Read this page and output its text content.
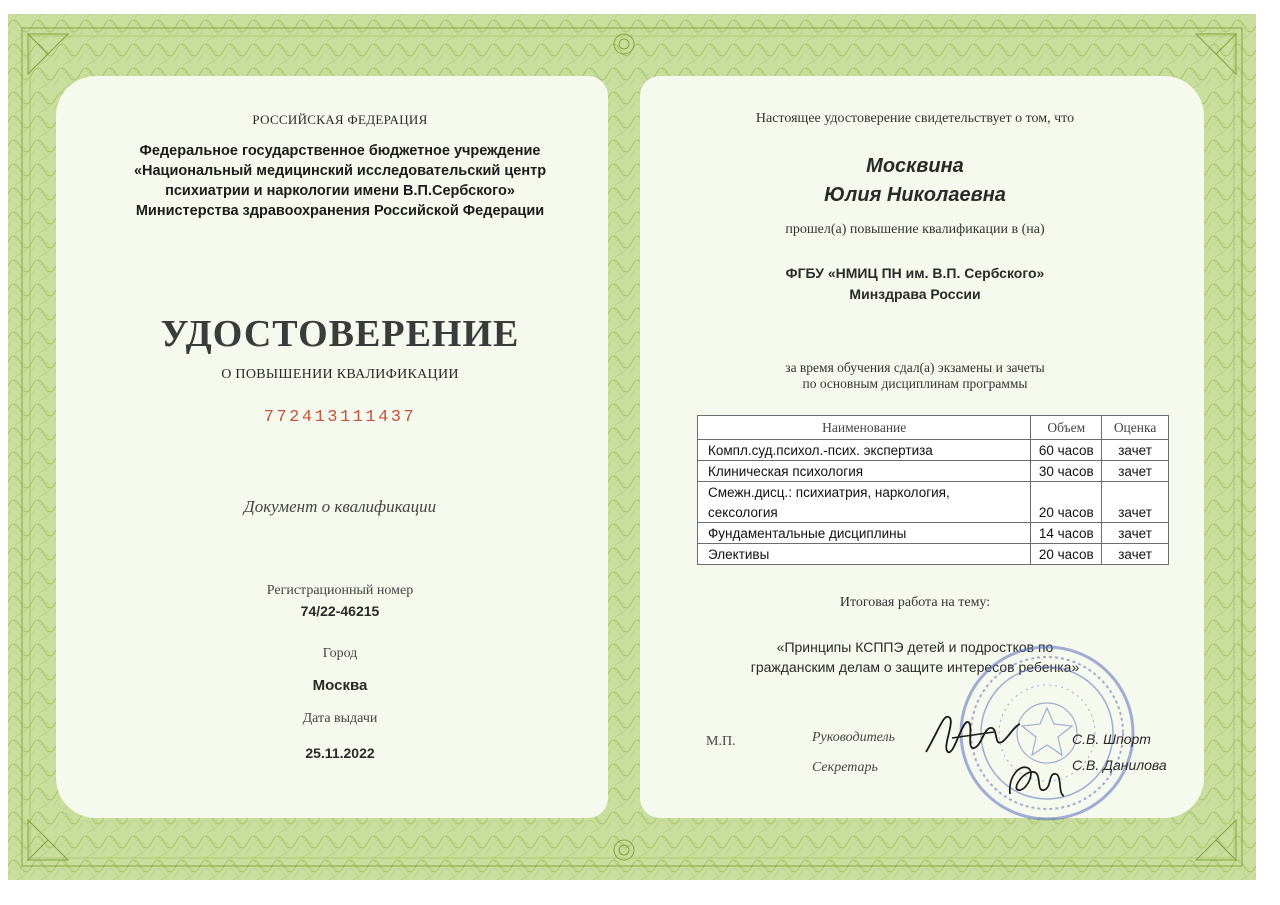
РОССИЙСКАЯ ФЕДЕРАЦИЯ
Федеральное государственное бюджетное учреждение
«Национальный медицинский исследовательский центр
психиатрии и наркологии имени В.П.Сербского»
Министерства здравоохранения Российской Федерации
УДОСТОВЕРЕНИЕ
О ПОВЫШЕНИИ КВАЛИФИКАЦИИ
772413111437
Документ о квалификации
Регистрационный номер
74/22-46215
Город
Москва
Дата выдачи
25.11.2022
Настоящее удостоверение свидетельствует о том, что
Москвина
Юлия Николаевна
прошел(а) повышение квалификации в (на)
ФГБУ «НМИЦ ПН им. В.П. Сербского»
Минздрава России
за время обучения сдал(а) экзамены и зачеты
по основным дисциплинам программы
Наименование	Объем	Оценка
Компл.суд.психол.-псих. экспертиза	60 часов	зачет
Клиническая психология	30 часов	зачет
Смежн.дисц.: психиатрия, наркология,		
сексология	20 часов	зачет
Фундаментальные дисциплины	14 часов	зачет
Элективы	20 часов	зачет
Итоговая работа на тему:
«Принципы КСППЭ детей и подростков по
гражданским делам о защите интересов ребенка»
М.П.	Руководитель
Секретарь
С.В. Шпорт
С.В. Данилова
